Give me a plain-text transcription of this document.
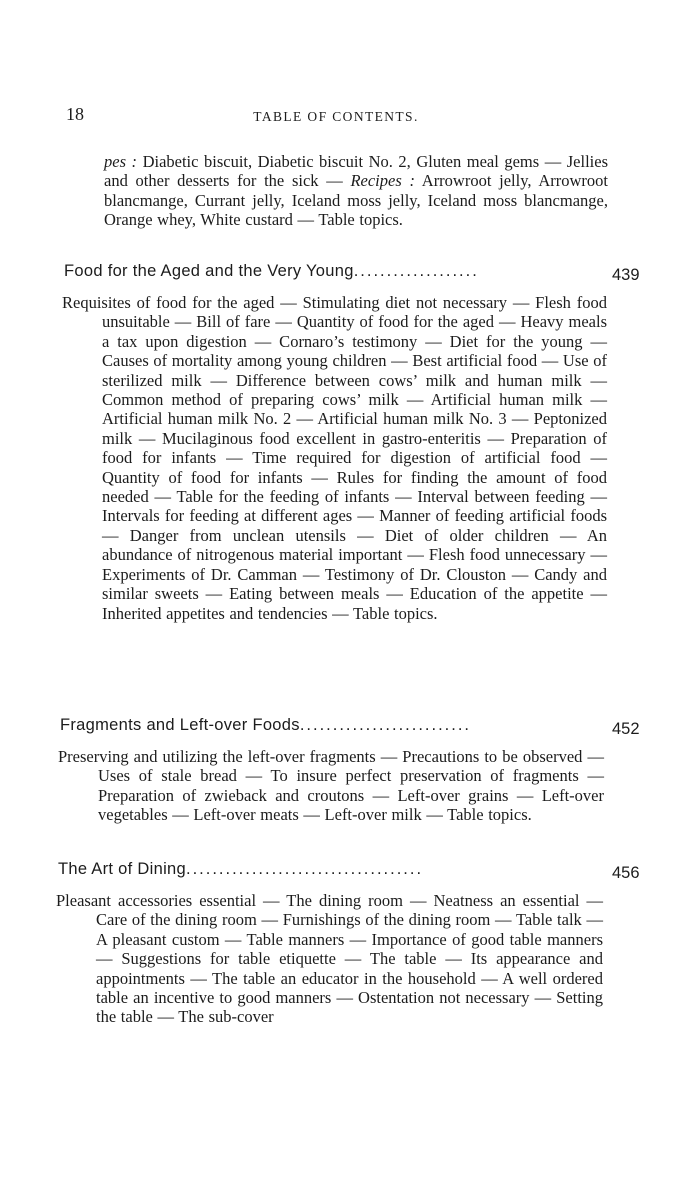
18	TABLE OF CONTENTS.
pes : Diabetic biscuit, Diabetic biscuit No. 2, Gluten meal gems — Jellies and other desserts for the sick — Recipes : Arrowroot jelly, Arrowroot blancmange, Currant jelly, Iceland moss jelly, Iceland moss blancmange, Orange whey, White custard — Table topics.
Food for the Aged and the Very Young...................	439
Requisites of food for the aged — Stimulating diet not necessary — Flesh food unsuitable — Bill of fare — Quantity of food for the aged — Heavy meals a tax upon digestion — Cornaro’s testimony — Diet for the young — Causes of mortality among young children — Best artificial food — Use of sterilized milk — Difference between cows’ milk and human milk — Common method of preparing cows’ milk — Artificial human milk — Artificial human milk No. 2 — Artificial human milk No. 3 — Peptonized milk — Mucilaginous food excellent in gastro-enteritis — Preparation of food for infants — Time required for digestion of artificial food — Quantity of food for infants — Rules for finding the amount of food needed — Table for the feeding of infants — Interval between feeding — Intervals for feeding at different ages — Manner of feeding artificial foods — Danger from unclean utensils — Diet of older children — An abundance of nitrogenous material important — Flesh food unnecessary — Experiments of Dr. Camman — Testimony of Dr. Clouston — Candy and similar sweets — Eating between meals — Education of the appetite — Inherited appetites and tendencies — Table topics.
Fragments and Left-over Foods..........................	452
Preserving and utilizing the left-over fragments — Precautions to be observed — Uses of stale bread — To insure perfect preservation of fragments — Preparation of zwieback and croutons — Left-over grains — Left-over vegetables — Left-over meats — Left-over milk — Table topics.
The Art of Dining....................................	456
Pleasant accessories essential — The dining room — Neatness an essential — Care of the dining room — Furnishings of the dining room — Table talk — A pleasant custom — Table manners — Importance of good table manners — Suggestions for table etiquette — The table — Its appearance and appointments — The table an educator in the household — A well ordered table an incentive to good manners — Ostentation not necessary — Setting the table — The sub-cover
